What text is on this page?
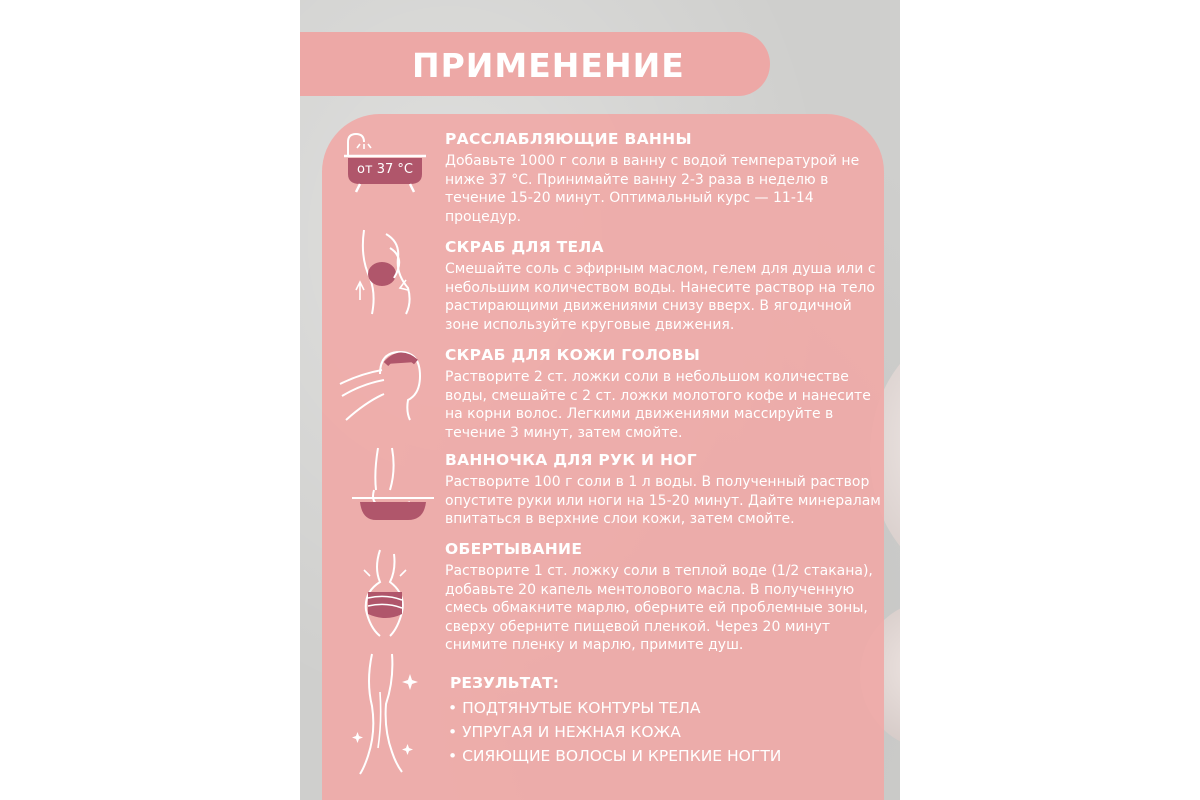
ПРИМЕНЕНИЕ
от 37 °С
РАССЛАБЛЯЮЩИЕ ВАННЫ

Добавьте 1000 г соли в ванну с водой температурой не ниже 37 °С. Принимайте ванну 2-3 раза в неделю в течение 15-20 минут. Оптимальный курс — 11-14 процедур.

СКРАБ ДЛЯ ТЕЛА

Смешайте соль с эфирным маслом, гелем для душа или с небольшим количеством воды. Нанесите раствор на тело растирающими движениями снизу вверх. В ягодичной зоне используйте круговые движения.

СКРАБ ДЛЯ КОЖИ ГОЛОВЫ

Растворите 2 ст. ложки соли в небольшом количестве воды, смешайте с 2 ст. ложки молотого кофе и нанесите на корни волос. Легкими движениями массируйте в течение 3 минут, затем смойте.

ВАННОЧКА ДЛЯ РУК И НОГ

Растворите 100 г соли в 1 л воды. В полученный раствор опустите руки или ноги на 15-20 минут. Дайте минералам впитаться в верхние слои кожи, затем смойте.

ОБЕРТЫВАНИЕ

Растворите 1 ст. ложку соли в теплой воде (1/2 стакана), добавьте 20 капель ментолового масла. В полученную смесь обмакните марлю, оберните ей проблемные зоны, сверху оберните пищевой пленкой. Через 20 минут снимите пленку и марлю, примите душ.

РЕЗУЛЬТАТ:
• ПОДТЯНУТЫЕ КОНТУРЫ ТЕЛА
• УПРУГАЯ И НЕЖНАЯ КОЖА
• СИЯЮЩИЕ ВОЛОСЫ И КРЕПКИЕ НОГТИ
